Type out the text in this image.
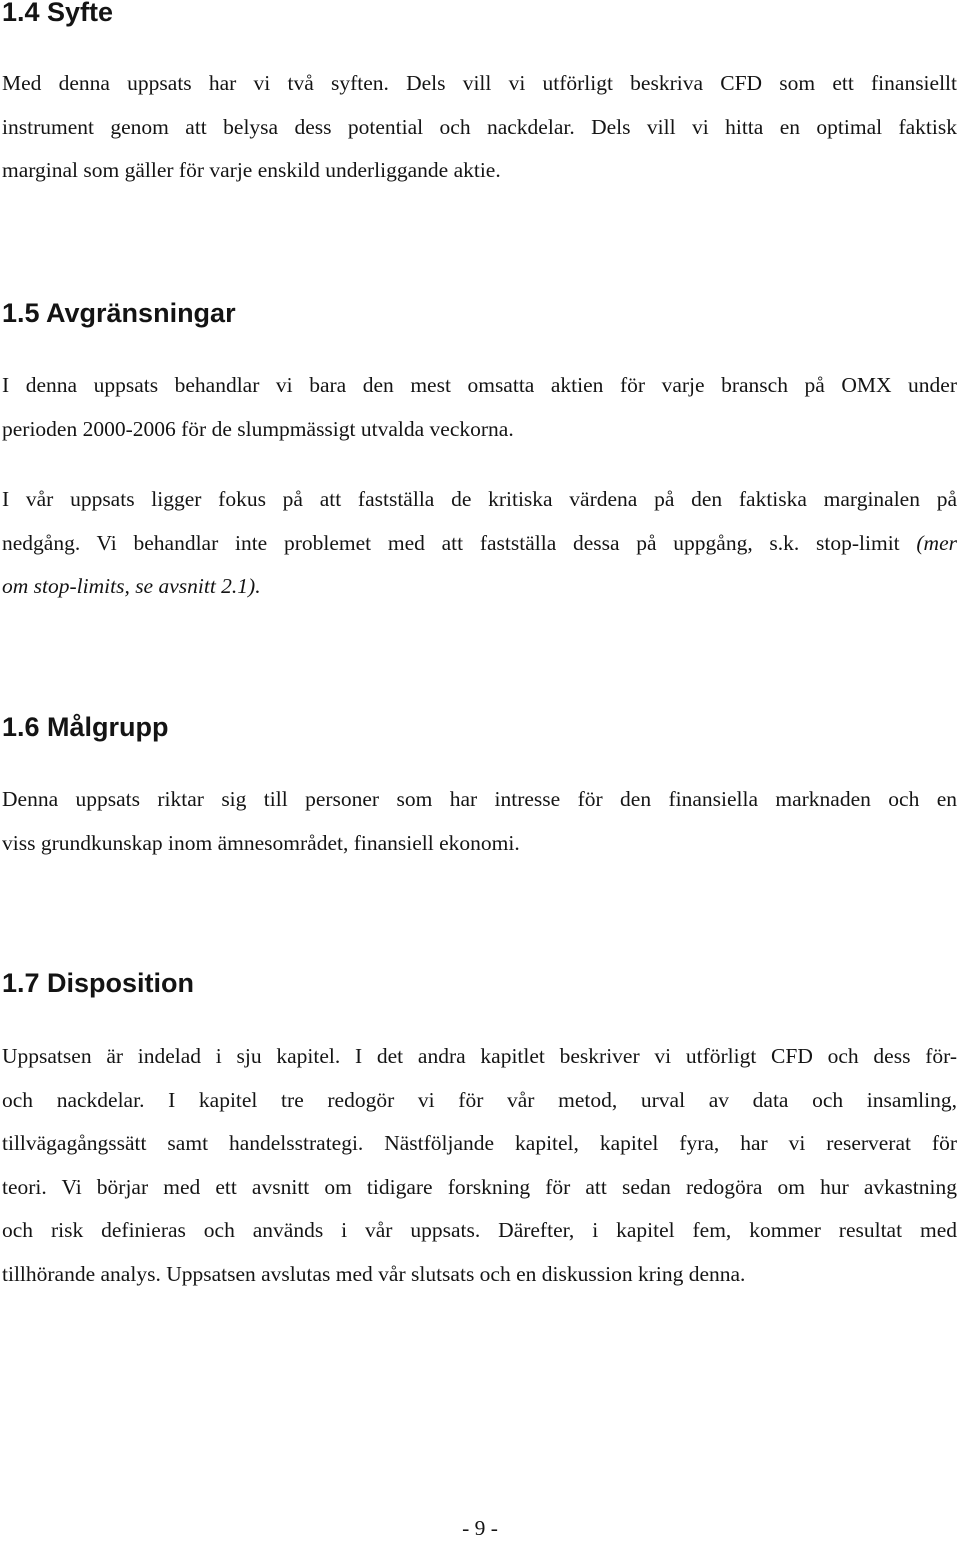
1.4 Syfte

Med denna uppsats har vi två syften. Dels vill vi utförligt beskriva CFD som ett finansiellt
instrument genom att belysa dess potential och nackdelar. Dels vill vi hitta en optimal faktisk
marginal som gäller för varje enskild underliggande aktie.

1.5 Avgränsningar

I denna uppsats behandlar vi bara den mest omsatta aktien för varje bransch på OMX under
perioden 2000-2006 för de slumpmässigt utvalda veckorna.

I vår uppsats ligger fokus på att fastställa de kritiska värdena på den faktiska marginalen på
nedgång. Vi behandlar inte problemet med att fastställa dessa på uppgång, s.k. stop-limit (mer
om stop-limits, se avsnitt 2.1).

1.6 Målgrupp

Denna uppsats riktar sig till personer som har intresse för den finansiella marknaden och en
viss grundkunskap inom ämnesområdet, finansiell ekonomi.

1.7 Disposition

Uppsatsen är indelad i sju kapitel. I det andra kapitlet beskriver vi utförligt CFD och dess för-
och nackdelar. I kapitel tre redogör vi för vår metod, urval av data och insamling,
tillvägagångssätt samt handelsstrategi. Nästföljande kapitel, kapitel fyra, har vi reserverat för
teori. Vi börjar med ett avsnitt om tidigare forskning för att sedan redogöra om hur avkastning
och risk definieras och används i vår uppsats. Därefter, i kapitel fem, kommer resultat med
tillhörande analys. Uppsatsen avslutas med vår slutsats och en diskussion kring denna.

- 9 -
